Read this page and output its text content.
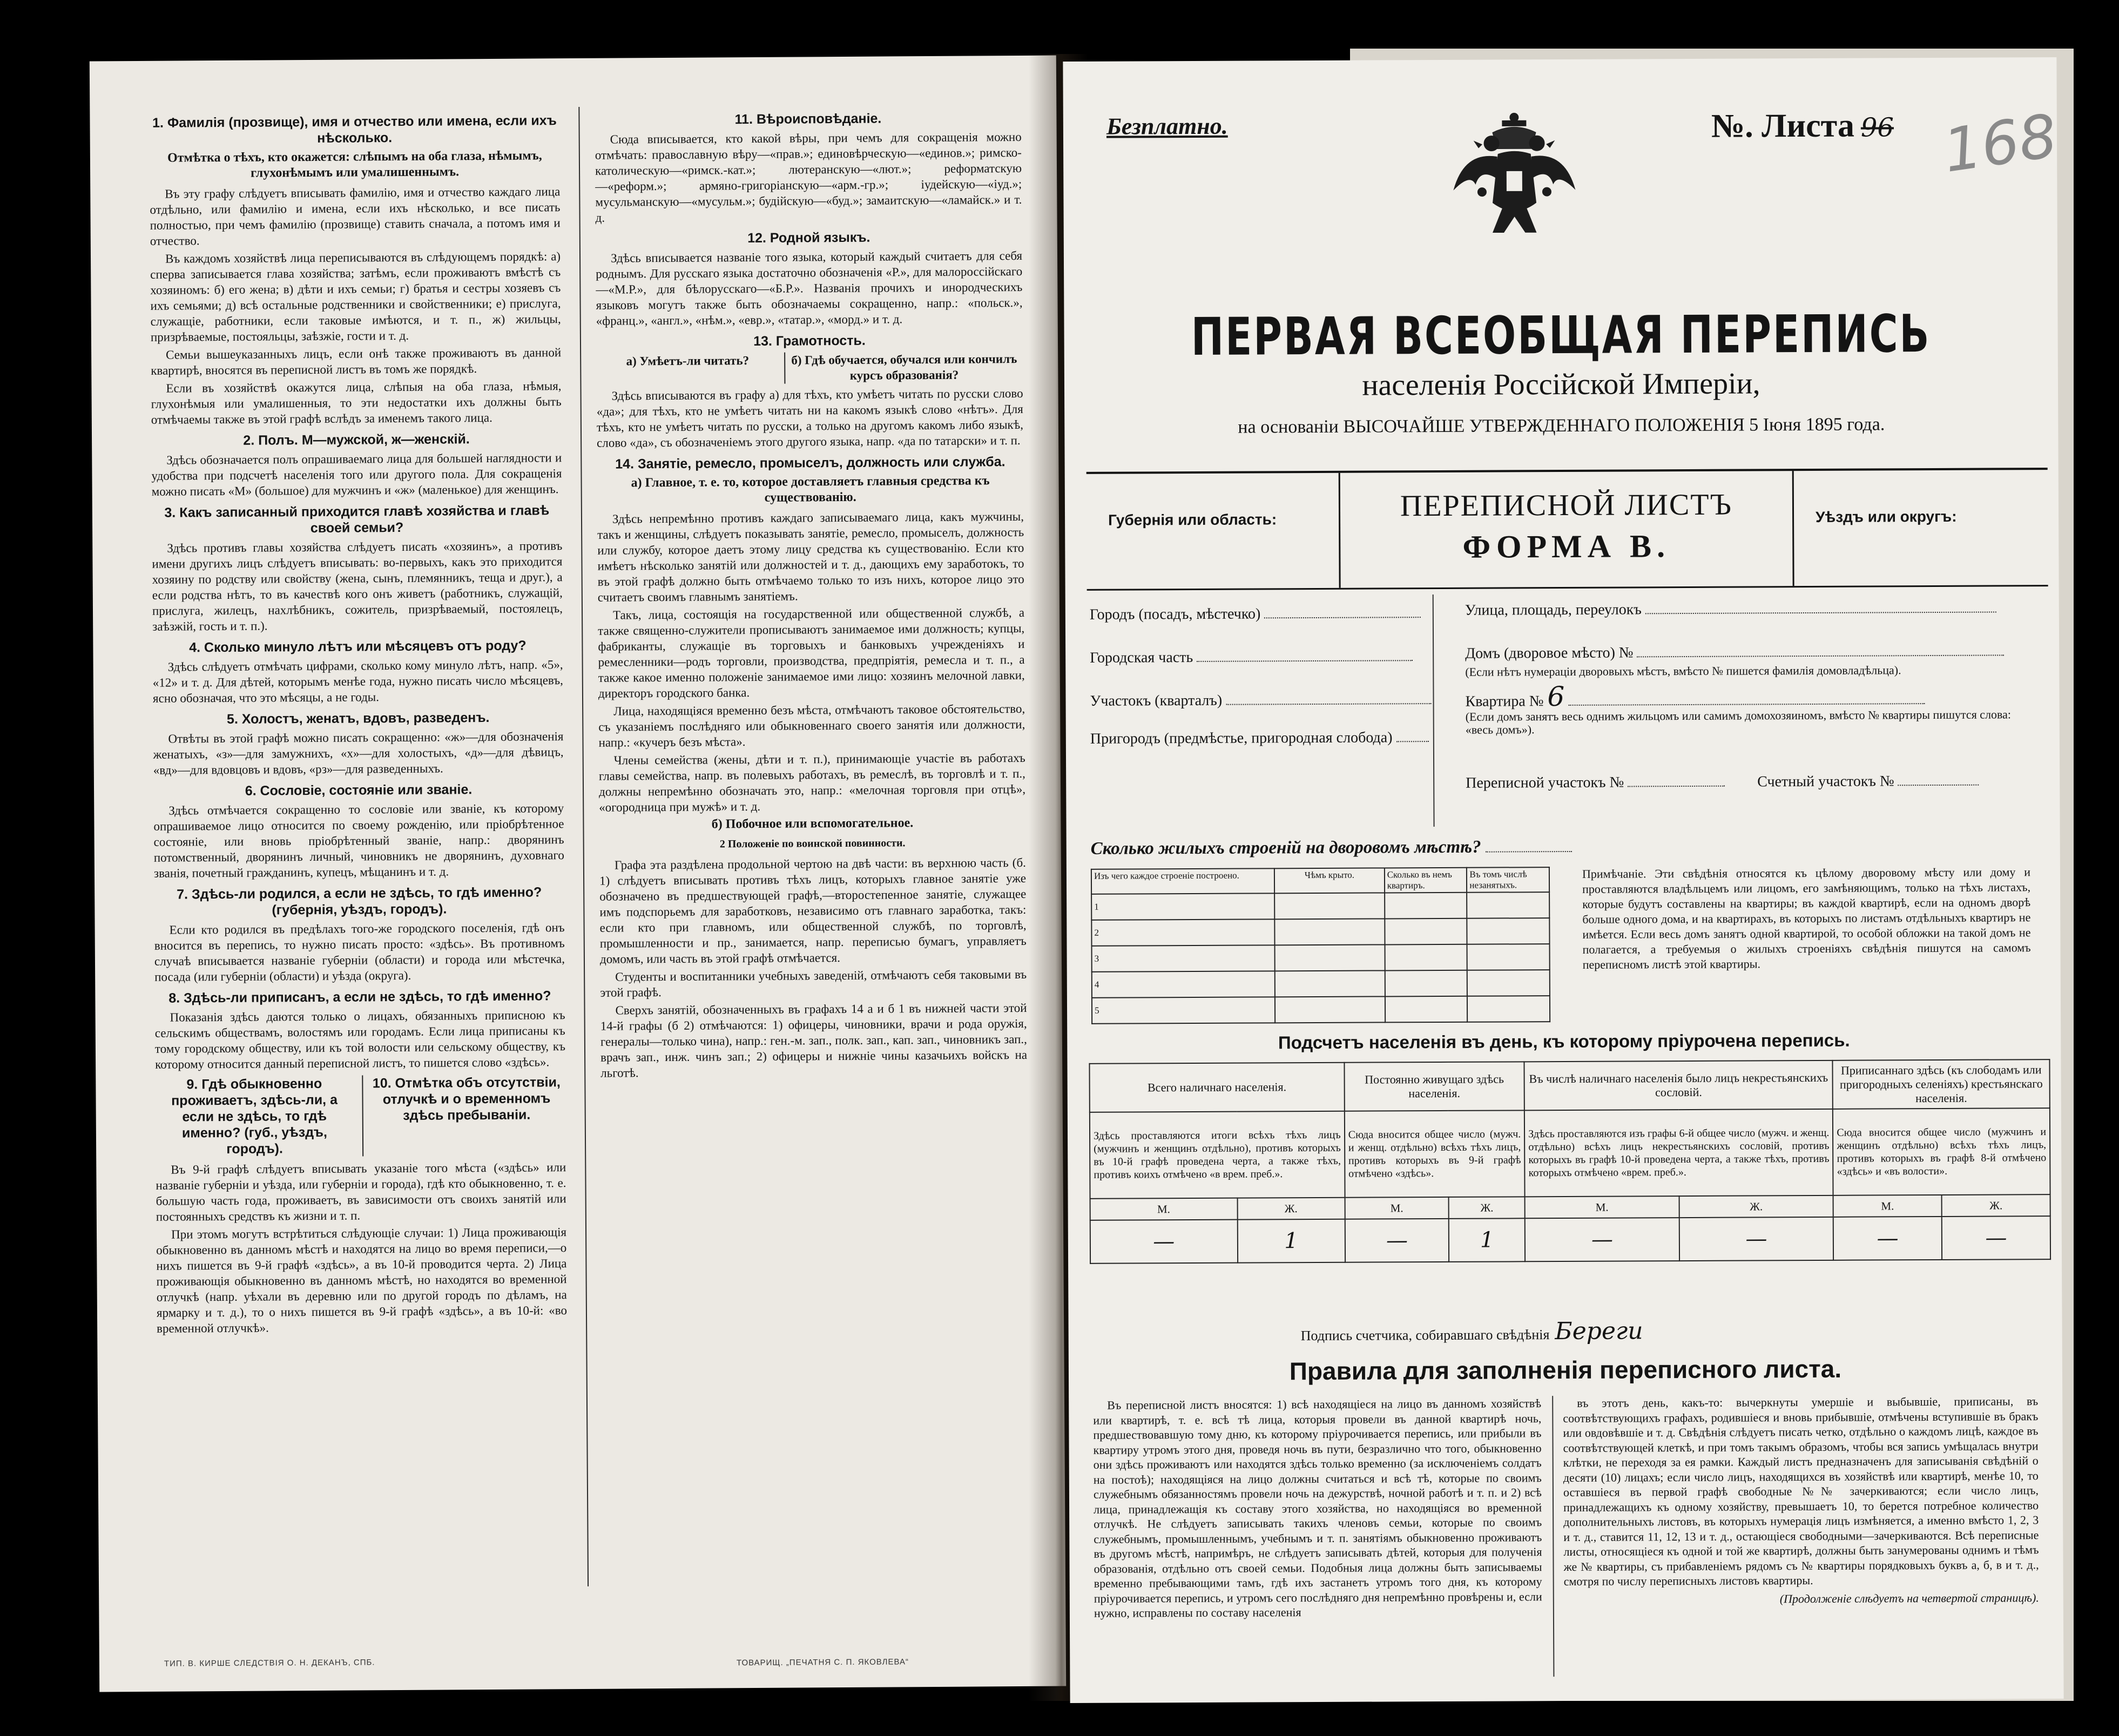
1. Фамилія (прозвище), имя и отчество или имена, если ихъ нѣсколько.
Отмѣтка о тѣхъ, кто окажется: слѣпымъ на оба глаза, нѣмымъ, глухонѣмымъ или умалишеннымъ.

Въ эту графу слѣдуетъ вписывать фамилію, имя и отчество каждаго лица отдѣльно, или фамилію и имена, если ихъ нѣсколько, и все писать полностью, при чемъ фамилію (прозвище) ставить сначала, а потомъ имя и отчество.

Въ каждомъ хозяйствѣ лица переписываются въ слѣдующемъ порядкѣ: а) сперва записывается глава хозяйства; затѣмъ, если проживаютъ вмѣстѣ съ хозяиномъ: б) его жена; в) дѣти и ихъ семьи; г) братья и сестры хозяевъ съ ихъ семьями; д) всѣ остальные родственники и свойственники; е) прислуга, служащіе, работники, если таковые имѣются, и т. п., ж) жильцы, призрѣваемые, постояльцы, заѣзжіе, гости и т. д.

Семьи вышеуказанныхъ лицъ, если онѣ также проживаютъ въ данной квартирѣ, вносятся въ переписной листъ въ томъ же порядкѣ.

Если въ хозяйствѣ окажутся лица, слѣпыя на оба глаза, нѣмыя, глухонѣмыя или умалишенныя, то эти недостатки ихъ должны быть отмѣчаемы также въ этой графѣ вслѣдъ за именемъ такого лица.

2. Полъ. М—мужской, ж—женскій.

Здѣсь обозначается полъ опрашиваемаго лица для большей наглядности и удобства при подсчетѣ населенія того или другого пола. Для сокращенія можно писать «М» (большое) для мужчинъ и «ж» (маленькое) для женщинъ.

3. Какъ записанный приходится главѣ хозяйства и главѣ своей семьи?

Здѣсь противъ главы хозяйства слѣдуетъ писать «хозяинъ», а противъ имени другихъ лицъ слѣдуетъ вписывать: во-первыхъ, какъ это приходится хозяину по родству или свойству (жена, сынъ, племянникъ, теща и друг.), а если родства нѣтъ, то въ качествѣ кого онъ живетъ (работникъ, служащій, прислуга, жилецъ, нахлѣбникъ, сожитель, призрѣваемый, постоялецъ, заѣзжій, гость и т. п.).

4. Сколько минуло лѣтъ или мѣсяцевъ отъ роду?

Здѣсь слѣдуетъ отмѣчать цифрами, сколько кому минуло лѣтъ, напр. «5», «12» и т. д. Для дѣтей, которымъ менѣе года, нужно писать число мѣсяцевъ, ясно обозначая, что это мѣсяцы, а не годы.

5. Холостъ, женатъ, вдовъ, разведенъ.

Отвѣты въ этой графѣ можно писать сокращенно: «ж»—для обозначенія женатыхъ, «з»—для замужнихъ, «х»—для холостыхъ, «д»—для дѣвицъ, «вд»—для вдовцовъ и вдовъ, «рз»—для разведенныхъ.

6. Сословіе, состояніе или званіе.

Здѣсь отмѣчается сокращенно то сословіе или званіе, къ которому опрашиваемое лицо относится по своему рожденію, или пріобрѣтенное состояніе, или вновь пріобрѣтенный званіе, напр.: дворянинъ потомственный, дворянинъ личный, чиновникъ не дворянинъ, духовнаго званія, почетный гражданинъ, купецъ, мѣщанинъ и т. д.

7. Здѣсь-ли родился, а если не здѣсь, то гдѣ именно? (губернія, уѣздъ, городъ).

Если кто родился въ предѣлахъ того-же городского поселенія, гдѣ онъ вносится въ перепись, то нужно писать просто: «здѣсь». Въ противномъ случаѣ вписывается названіе губерніи (области) и города или мѣстечка, посада (или губерніи (области) и уѣзда (округа).

8. Здѣсь-ли приписанъ, а если не здѣсь, то гдѣ именно?

Показанія здѣсь даются только о лицахъ, обязанныхъ приписною къ сельскимъ обществамъ, волостямъ или городамъ. Если лица приписаны къ тому городскому обществу, или къ той волости или сельскому обществу, къ которому относится данный переписной листъ, то пишется слово «здѣсь».

9. Гдѣ обыкновенно проживаетъ, здѣсь-ли, а если не здѣсь, то гдѣ именно? (губ., уѣздъ, городъ).
10. Отмѣтка объ отсутствіи, отлучкѣ и о временномъ здѣсь пребываніи.

Въ 9-й графѣ слѣдуетъ вписывать указаніе того мѣста («здѣсь» или названіе губерніи и уѣзда, или губерніи и города), гдѣ кто обыкновенно, т. е. большую часть года, проживаетъ, въ зависимости отъ своихъ занятій или постоянныхъ средствъ къ жизни и т. п.

При этомъ могутъ встрѣтиться слѣдующіе случаи: 1) Лица проживающія обыкновенно въ данномъ мѣстѣ и находятся на лицо во время переписи,—о нихъ пишется въ 9-й графѣ «здѣсь», а въ 10-й проводится черта. 2) Лица проживающія обыкновенно въ данномъ мѣстѣ, но находятся во временной отлучкѣ (напр. уѣхали въ деревню или по другой городъ по дѣламъ, на ярмарку и т. д.), то о нихъ пишется въ 9-й графѣ «здѣсь», а въ 10-й: «во временной отлучкѣ».

11. Вѣроисповѣданіе.

Сюда вписывается, кто какой вѣры, при чемъ для сокращенія можно отмѣчать: православную вѣру—«прав.»; единовѣрческую—«единов.»; римско-католическую—«римск.-кат.»; лютеранскую—«лют.»; реформатскую—«реформ.»; армяно-григоріанскую—«арм.-гр.»; іудейскую—«іуд.»; мусульманскую—«мусульм.»; будійскую—«буд.»; замаитскую—«ламайск.» и т. д.

12. Родной языкъ.

Здѣсь вписывается названіе того языка, который каждый считаетъ для себя роднымъ. Для русскаго языка достаточно обозначенія «Р.», для малороссійскаго—«М.Р.», для бѣлорусскаго—«Б.Р.». Названія прочихъ и инородческихъ языковъ могутъ также быть обозначаемы сокращенно, напр.: «польск.», «франц.», «англ.», «нѣм.», «евр.», «татар.», «морд.» и т. д.

13. Грамотность.
а) Умѣетъ-ли читать?	б) Гдѣ обучается, обучался или кончилъ курсъ образованія?

Здѣсь вписываются въ графу а) для тѣхъ, кто умѣетъ читать по русски слово «да»; для тѣхъ, кто не умѣетъ читать ни на какомъ языкѣ слово «нѣтъ». Для тѣхъ, кто не умѣетъ читать по русски, а только на другомъ какомъ либо языкѣ, слово «да», съ обозначеніемъ этого другого языка, напр. «да по татарски» и т. п.

14. Занятіе, ремесло, промыселъ, должность или служба.
а) Главное, т. е. то, которое доставляетъ главныя средства къ существованію.

Здѣсь непремѣнно противъ каждаго записываемаго лица, какъ мужчины, такъ и женщины, слѣдуетъ показывать занятіе, ремесло, промыселъ, должность или службу, которое даетъ этому лицу средства къ существованію. Если кто имѣетъ нѣсколько занятій или должностей и т. д., дающихъ ему заработокъ, то въ этой графѣ должно быть отмѣчаемо только то изъ нихъ, которое лицо это считаетъ своимъ главнымъ занятіемъ.

Такъ, лица, состоящія на государственной или общественной службѣ, а также священно-служители прописываютъ занимаемое ими должность; купцы, фабриканты, служащіе въ торговыхъ и банковыхъ учрежденіяхъ и ремесленники—родъ торговли, производства, предпріятія, ремесла и т. п., а также какое именно положеніе занимаемое ими лицо: хозяинъ мелочной лавки, директоръ городского банка.

Лица, находящіяся временно безъ мѣста, отмѣчаютъ таковое обстоятельство, съ указаніемъ послѣдняго или обыкновеннаго своего занятія или должности, напр.: «кучеръ безъ мѣста».

Члены семейства (жены, дѣти и т. п.), принимающіе участіе въ работахъ главы семейства, напр. въ полевыхъ работахъ, въ ремеслѣ, въ торговлѣ и т. п., должны непремѣнно обозначать это, напр.: «мелочная торговля при отцѣ», «огородница при мужѣ» и т. д.

б) Побочное или вспомогательное.
2 Положеніе по воинской повинности.

Графа эта раздѣлена продольной чертою на двѣ части: въ верхнюю часть (б. 1) слѣдуетъ вписывать противъ тѣхъ лицъ, которыхъ главное занятіе уже обозначено въ предшествующей графѣ,—второстепенное занятіе, служащее имъ подспорьемъ для заработковъ, независимо отъ главнаго заработка, такъ: если кто при главномъ, или общественной службѣ, по торговлѣ, промышленности и пр., занимается, напр. переписью бумагъ, управляетъ домомъ, или часть въ этой графѣ отмѣчается.

Студенты и воспитанники учебныхъ заведеній, отмѣчаютъ себя таковыми въ этой графѣ.

Сверхъ занятій, обозначенныхъ въ графахъ 14 а и б 1 въ нижней части этой 14-й графы (б 2) отмѣчаются: 1) офицеры, чиновники, врачи и рода оружія, генералы—только чина), напр.: ген.-м. зап., полк. зап., кап. зап., чиновникъ зап., врачъ зап., инж. чинъ зап.; 2) офицеры и нижніе чины казачьихъ войскъ на льготѣ.

ТИП. В. КИРШЕ СЛЕДСТВІЯ О. Н. ДЕКАНЪ, СПБ.	ТОВАРИЩ. „ПЕЧАТНЯ С. П. ЯКОВЛЕВА“
Безплатно.	№. Листа 96 168
ПЕРВАЯ ВСЕОБЩАЯ ПЕРЕПИСЬ
населенія Россійской Имперіи,
на основаніи ВЫСОЧАЙШЕ УТВЕРЖДЕННАГО ПОЛОЖЕНІЯ 5 Іюня 1895 года.
Губернія или область:	ПЕРЕПИСНОЙ ЛИСТЪ
ФОРМА В.
Уѣздъ или округъ:
Городъ (посадъ, мѣстечко)
Городская часть
Участокъ (кварталъ)
Пригородъ (предмѣстье, пригородная слобода)
Переписной участокъ №	Счетный участокъ №
Улица, площадь, переулокъ
Домъ (дворовое мѣсто) №
(Если нѣтъ нумераціи дворовыхъ мѣстъ, вмѣсто № пишется фамилія домовладѣльца).
Квартира № 6
(Если домъ занятъ весь однимъ жильцомъ или самимъ домохозяиномъ, вмѣсто № квартиры пишутся слова: «весь домъ»).
Сколько жилыхъ строеній на дворовомъ мѣстѣ?
Изъ чего каждое строеніе построено.	Чѣмъ крыто.	Сколько въ немъ квартиръ.	Въ томъ числѣ незанятыхъ.
1			
2			
3			
4			
5			
Примѣчаніе. Эти свѣдѣнія относятся къ цѣлому дворовому мѣсту или дому и проставляются владѣльцемъ или лицомъ, его замѣняющимъ, только на тѣхъ листахъ, которые будутъ составлены на квартиры; въ каждой квартирѣ, если на одномъ дворѣ больше одного дома, и на квартирахъ, въ которыхъ по листамъ отдѣльныхъ квартиръ не имѣется. Если весь домъ занятъ одной квартирой, то особой обложки на такой домъ не полагается, а требуемыя о жилыхъ строеніяхъ свѣдѣнія пишутся на самомъ переписномъ листѣ этой квартиры.
Подсчетъ населенія въ день, къ которому пріурочена перепись.
Всего наличнаго населенія.		Постоянно живущаго здѣсь населенія.		Въ числѣ наличнаго населенія было лицъ некрестьянскихъ сословій.		Приписаннаго здѣсь (къ слободамъ или пригородныхъ селеніяхъ) крестьянскаго населенія.	
Здѣсь проставляются итоги всѣхъ тѣхъ лицъ (мужчинъ и женщинъ отдѣльно), противъ которыхъ въ 10-й графѣ проведена черта, а также тѣхъ, противъ коихъ отмѣчено «в врем. преб.».		Сюда вносится общее число (мужч. и женщ. отдѣльно) всѣхъ тѣхъ лицъ, противъ которыхъ въ 9-й графѣ отмѣчено «здѣсь».		Здѣсь проставляются изъ графы 6-й общее число (мужч. и женщ. отдѣльно) всѣхъ лицъ некрестьянскихъ сословій, противъ которыхъ въ графѣ 10-й проведена черта, а также тѣхъ, противъ которыхъ отмѣчено «врем. преб.».		Сюда вносится общее число (мужчинъ и женщинъ отдѣльно) всѣхъ тѣхъ лицъ, противъ которыхъ въ графѣ 8-й отмѣчено «здѣсь» и «въ волости».	
М.	Ж.	М.	Ж.	М.	Ж.	М.	Ж.
—	1	—	1	—	—	—	—
Подпись счетчика, собиравшаго свѣдѣнія Береги
Правила для заполненія переписного листа.

Въ переписной листъ вносятся: 1) всѣ находящіеся на лицо въ данномъ хозяйствѣ или квартирѣ, т. е. всѣ тѣ лица, которыя провели въ данной квартирѣ ночь, предшествовавшую тому дню, къ которому пріурочивается перепись, или прибыли въ квартиру утромъ этого дня, проведя ночь въ пути, безразлично что того, обыкновенно они здѣсь проживаютъ или находятся здѣсь только временно (за исключеніемъ солдатъ на постоѣ); находящіяся на лицо должны считаться и всѣ тѣ, которые по своимъ служебнымъ обязанностямъ провели ночь на дежурствѣ, ночной работѣ и т. п. и 2) всѣ лица, принадлежащія къ составу этого хозяйства, но находящіяся во временной отлучкѣ. Не слѣдуетъ записывать такихъ членовъ семьи, которые по своимъ служебнымъ, промышленнымъ, учебнымъ и т. п. занятіямъ обыкновенно проживаютъ въ другомъ мѣстѣ, напримѣръ, не слѣдуетъ записывать дѣтей, которыя для полученія образованія, отдѣльно отъ своей семьи. Подобныя лица должны быть записываемы временно пребывающими тамъ, гдѣ ихъ застанетъ утромъ того дня, къ которому пріурочивается перепись, и утромъ сего послѣдняго дня непремѣнно провѣрены и, если нужно, исправлены по составу населенія

въ этотъ день, какъ-то: вычеркнуты умершіе и выбывшіе, приписаны, въ соотвѣтствующихъ графахъ, родившіеся и вновь прибывшіе, отмѣчены вступившіе въ бракъ или овдовѣвшіе и т. д. Свѣдѣнія слѣдуетъ писать четко, отдѣльно о каждомъ лицѣ, каждое въ соотвѣтствующей клеткѣ, и при томъ такымъ образомъ, чтобы вся запись умѣщалась внутри клѣтки, не переходя за ея рамки. Каждый листъ предназначенъ для записыванія свѣдѣній о десяти (10) лицахъ; если число лицъ, находящихся въ хозяйствѣ или квартирѣ, менѣе 10, то оставшіеся въ первой графѣ свободные №№ зачеркиваются; если число лицъ, принадлежащихъ къ одному хозяйству, превышаетъ 10, то берется потребное количество дополнительныхъ листовъ, въ которыхъ нумерація лицъ измѣняется, а именно вмѣсто 1, 2, 3 и т. д., ставится 11, 12, 13 и т. д., остающіеся свободными—зачеркиваются. Всѣ переписные листы, относящіеся къ одной и той же квартирѣ, должны быть занумерованы однимъ и тѣмъ же № квартиры, съ прибавленіемъ рядомъ съ № квартиры порядковыхъ буквъ а, б, в и т. д., смотря по числу переписныхъ листовъ квартиры.

(Продолженіе слѣдуетъ на четвертой страницѣ).
